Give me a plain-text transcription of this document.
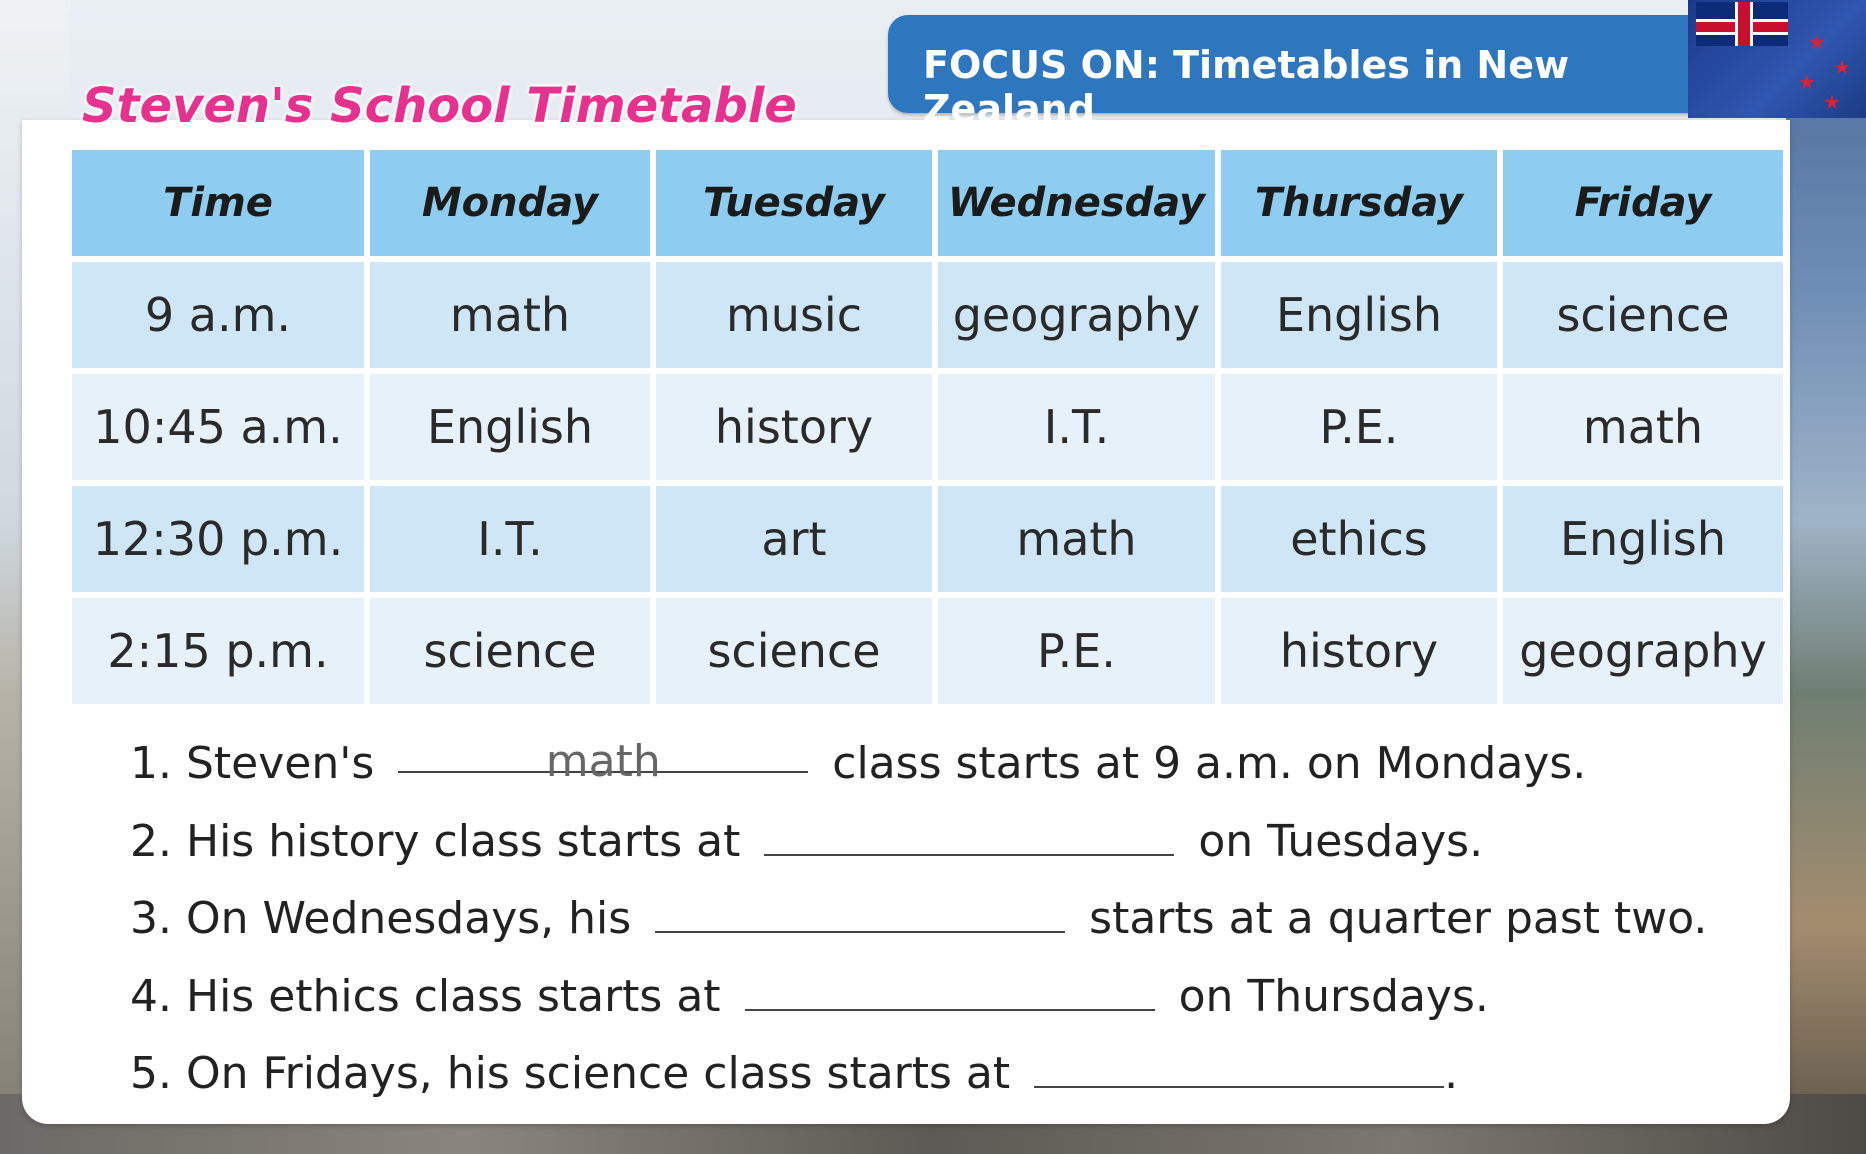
FOCUS ON: Timetables in New Zealand
★
★
★
★
Steven's School Timetable
Time	Monday	Tuesday	Wednesday	Thursday	Friday
9 a.m.	math	music	geography	English	science
10:45 a.m.	English	history	I.T.	P.E.	math
12:30 p.m.	I.T.	art	math	ethics	English
2:15 p.m.	science	science	P.E.	history	geography
1. Steven's	math	class starts at 9 a.m. on Mondays.
2. His history class starts at	on Tuesdays.
3. On Wednesdays, his	starts at a quarter past two.
4. His ethics class starts at	on Thursdays.
5. On Fridays, his science class starts at	.
